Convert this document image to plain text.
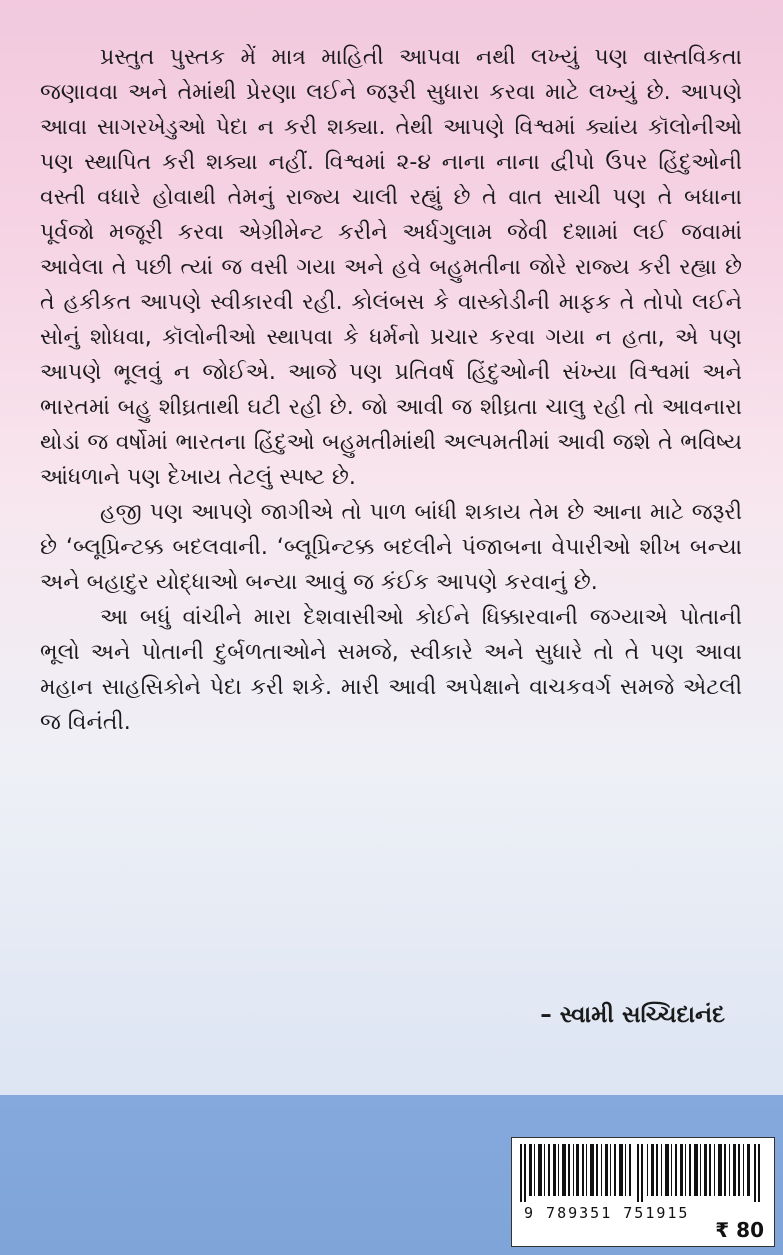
પ્રસ્તુત પુસ્તક મેં માત્ર માહિતી આપવા નથી લખ્યું પણ વાસ્તવિકતા જણાવવા અને તેમાંથી પ્રેરણા લઈને જરૂરી સુધારા કરવા માટે લખ્યું છે. આપણે આવા સાગરખેડુઓ પેદા ન કરી શક્યા. તેથી આપણે વિશ્વમાં ક્યાંય કૉલોનીઓ પણ સ્થાપિત કરી શક્યા નહીં. વિશ્વમાં ૨-૪ નાના નાના દ્વીપો ઉપર હિંદુઓની વસ્તી વધારે હોવાથી તેમનું રાજ્ય ચાલી રહ્યું છે તે વાત સાચી પણ તે બધાના પૂર્વજો મજૂરી કરવા એગ્રીમેન્ટ કરીને અર્ધગુલામ જેવી દશામાં લઈ જવામાં આવેલા તે પછી ત્યાં જ વસી ગયા અને હવે બહુમતીના જોરે રાજ્ય કરી રહ્યા છે તે હકીકત આપણે સ્વીકારવી રહી. કોલંબસ કે વાસ્કોડીની માફક તે તોપો લઈને સોનું શોધવા, કૉલોનીઓ સ્થાપવા કે ધર્મનો પ્રચાર કરવા ગયા ન હતા, એ પણ આપણે ભૂલવું ન જોઈએ. આજે પણ પ્રતિવર્ષ હિંદુઓની સંખ્યા વિશ્વમાં અને ભારતમાં બહુ શીઘ્રતાથી ઘટી રહી છે. જો આવી જ શીઘ્રતા ચાલુ રહી તો આવનારા થોડાં જ વર્ષોમાં ભારતના હિંદુઓ બહુમતીમાંથી અલ્પમતીમાં આવી જશે તે ભવિષ્ય આંધળાને પણ દેખાય તેટલું સ્પષ્ટ છે.

હજી પણ આપણે જાગીએ તો પાળ બાંધી શકાય તેમ છે આના માટે જરૂરી છે ‘બ્લૂપ્રિન્ટક્ક બદલવાની. ‘બ્લૂપ્રિન્ટક્ક બદલીને પંજાબના વેપારીઓ શીખ બન્યા અને બહાદુર યોદ્ધાઓ બન્યા આવું જ કંઈક આપણે કરવાનું છે.

આ બધું વાંચીને મારા દેશવાસીઓ કોઈને ધિક્કારવાની જગ્યાએ પોતાની ભૂલો અને પોતાની દુર્બળતાઓને સમજે, સ્વીકારે અને સુધારે તો તે પણ આવા મહાન સાહસિકોને પેદા કરી શકે. મારી આવી અપેક્ષાને વાચકવર્ગ સમજે એટલી જ વિનંતી.

– સ્વામી સચ્ચિદાનંદ
9 789351 751915
₹ 80
